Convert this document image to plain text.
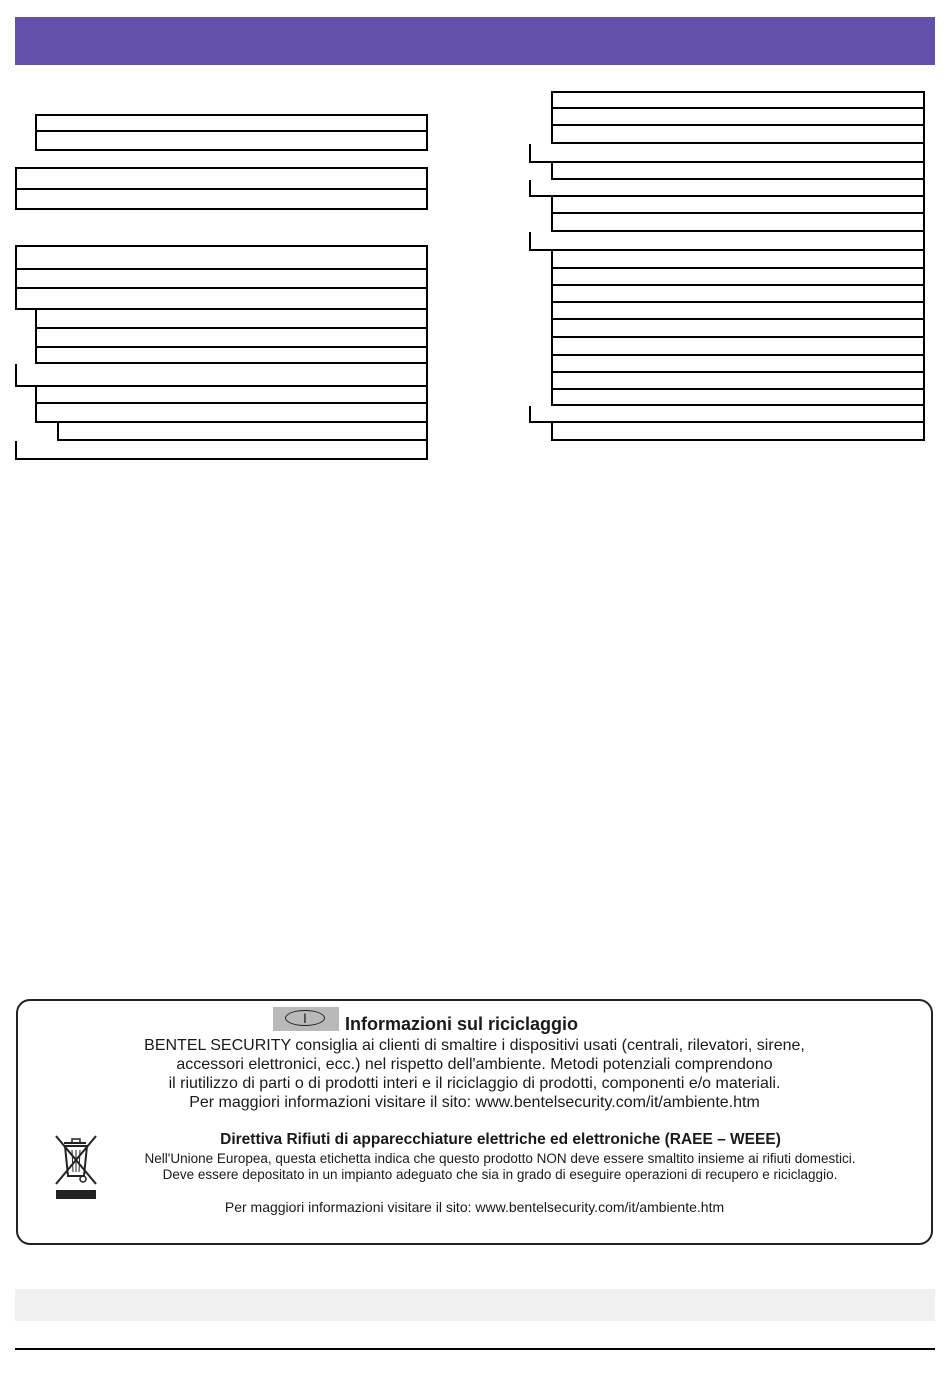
I	Informazioni sul riciclaggio
BENTEL SECURITY consiglia ai clienti di smaltire i dispositivi usati (centrali, rilevatori, sirene,
accessori elettronici, ecc.) nel rispetto dell'ambiente. Metodi potenziali comprendono
il riutilizzo di parti o di prodotti interi e il riciclaggio di prodotti, componenti e/o materiali.
Per maggiori informazioni visitare il sito: www.bentelsecurity.com/it/ambiente.htm
Direttiva Rifiuti di apparecchiature elettriche ed elettroniche (RAEE – WEEE)
Nell'Unione Europea, questa etichetta indica che questo prodotto NON deve essere smaltito insieme ai rifiuti domestici.
Deve essere depositato in un impianto adeguato che sia in grado di eseguire operazioni di recupero e riciclaggio.
Per maggiori informazioni visitare il sito: www.bentelsecurity.com/it/ambiente.htm
